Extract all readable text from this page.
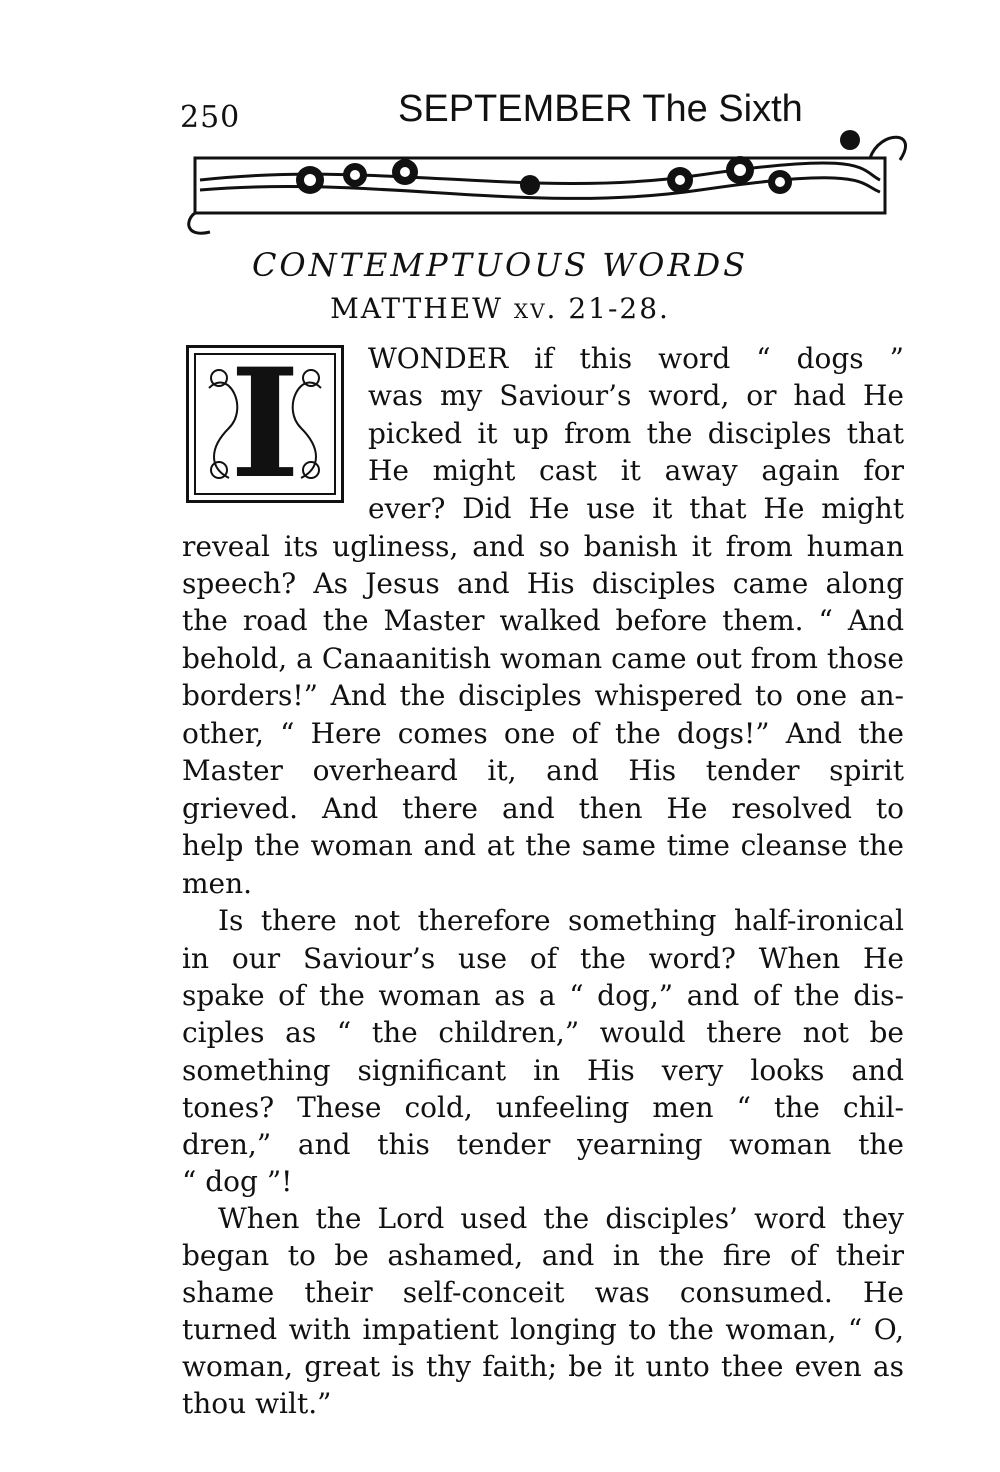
250	SEPTEMBER The Sixth
CONTEMPTUOUS WORDS
MATTHEW xv. 21-28.
I	WONDER if this word “ dogs ”
was my Saviour’s word, or had He
picked it up from the disciples that
He might cast it away again for
ever? Did He use it that He might
reveal its ugliness, and so banish it from human
speech? As Jesus and His disciples came along
the road the Master walked before them. “ And
behold, a Canaanitish woman came out from those
borders!” And the disciples whispered to one an-
other, “ Here comes one of the dogs!” And the
Master overheard it, and His tender spirit
grieved. And there and then He resolved to
help the woman and at the same time cleanse the
men.
Is there not therefore something half-ironical
in our Saviour’s use of the word? When He
spake of the woman as a “ dog,” and of the dis-
ciples as “ the children,” would there not be
something significant in His very looks and
tones? These cold, unfeeling men “ the chil-
dren,” and this tender yearning woman the
“ dog ”!
When the Lord used the disciples’ word they
began to be ashamed, and in the fire of their
shame their self-conceit was consumed. He
turned with impatient longing to the woman, “ O,
woman, great is thy faith; be it unto thee even as
thou wilt.”
